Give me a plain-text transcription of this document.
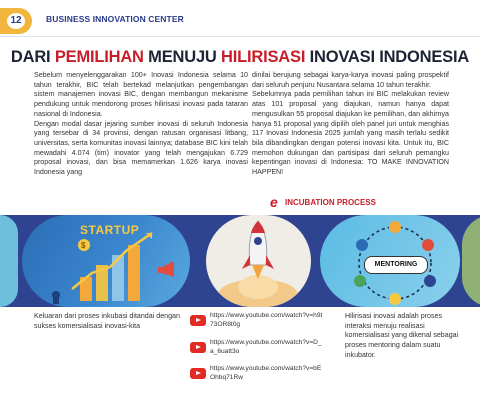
12	BUSINESS INNOVATION CENTER
DARI PEMILIHAN MENUJU HILIRISASI INOVASI INDONESIA

Sebelum menyelenggarakan 100+ Inovasi Indonesia selama 10 tahun terakhir, BIC telah bertekad melanjutkan pengembangan sistem manajemen inovasi BIC, dengan membangun mekanisme pendukung untuk mendorong proses hilirisasi inovasi pada tataran nasional di Indonesia.

Dengan modal dasar jejaring sumber inovasi di seluruh Indonesia yang tersebar di 34 provinsi, dengan ratusan organisasi litbang, universitas, serta komunitas inovasi lainnya; database BIC kini telah mewadahi 4.074 (tim) inovator yang telah mengajukan 6.729 proposal inovasi, dan bisa memamerkan 1.626 karya inovasi Indonesia yang

dinilai berujung sebagai karya-karya inovasi paling prospektif dari seluruh penjuru Nusantara selama 10 tahun terakhir.

Sebelumnya pada pemilihan tahun ini BIC melakukan review atas 101 proposal yang diajukan, namun hanya dapat mengusulkan 55 proposal diajukan ke pemilihan, dan akhirnya hanya 51 proposal yang dipilih oleh panel juri untuk menghias 117 Inovasi Indonesia 2025 jumlah yang masih terlalu sedikit bila dibandingkan dengan potensi inovasi kita. Untuk itu, BIC memohon dukungan dan partisipasi dari seluruh pemangku kepentingan inovasi di Indonesia: TO MAKE INNOVATION HAPPEN!

e INCUBATION PROCESS
STARTUP
$
MENTORING
Keluaran dari proses inkubasi ditandai dengan sukses komersialisasi inovasi-kita
https://www.youtube.com/watch?v=h9t73OR8t0g
https://www.youtube.com/watch?v=D_a_6uatt3o
https://www.youtube.com/watch?v=bEOhbq71Rw
Hilirisasi inovasi adalah proses interaksi menuju realisasi komersialisasi yang dikenal sebagai proses mentoring dalam suatu inkubator.
